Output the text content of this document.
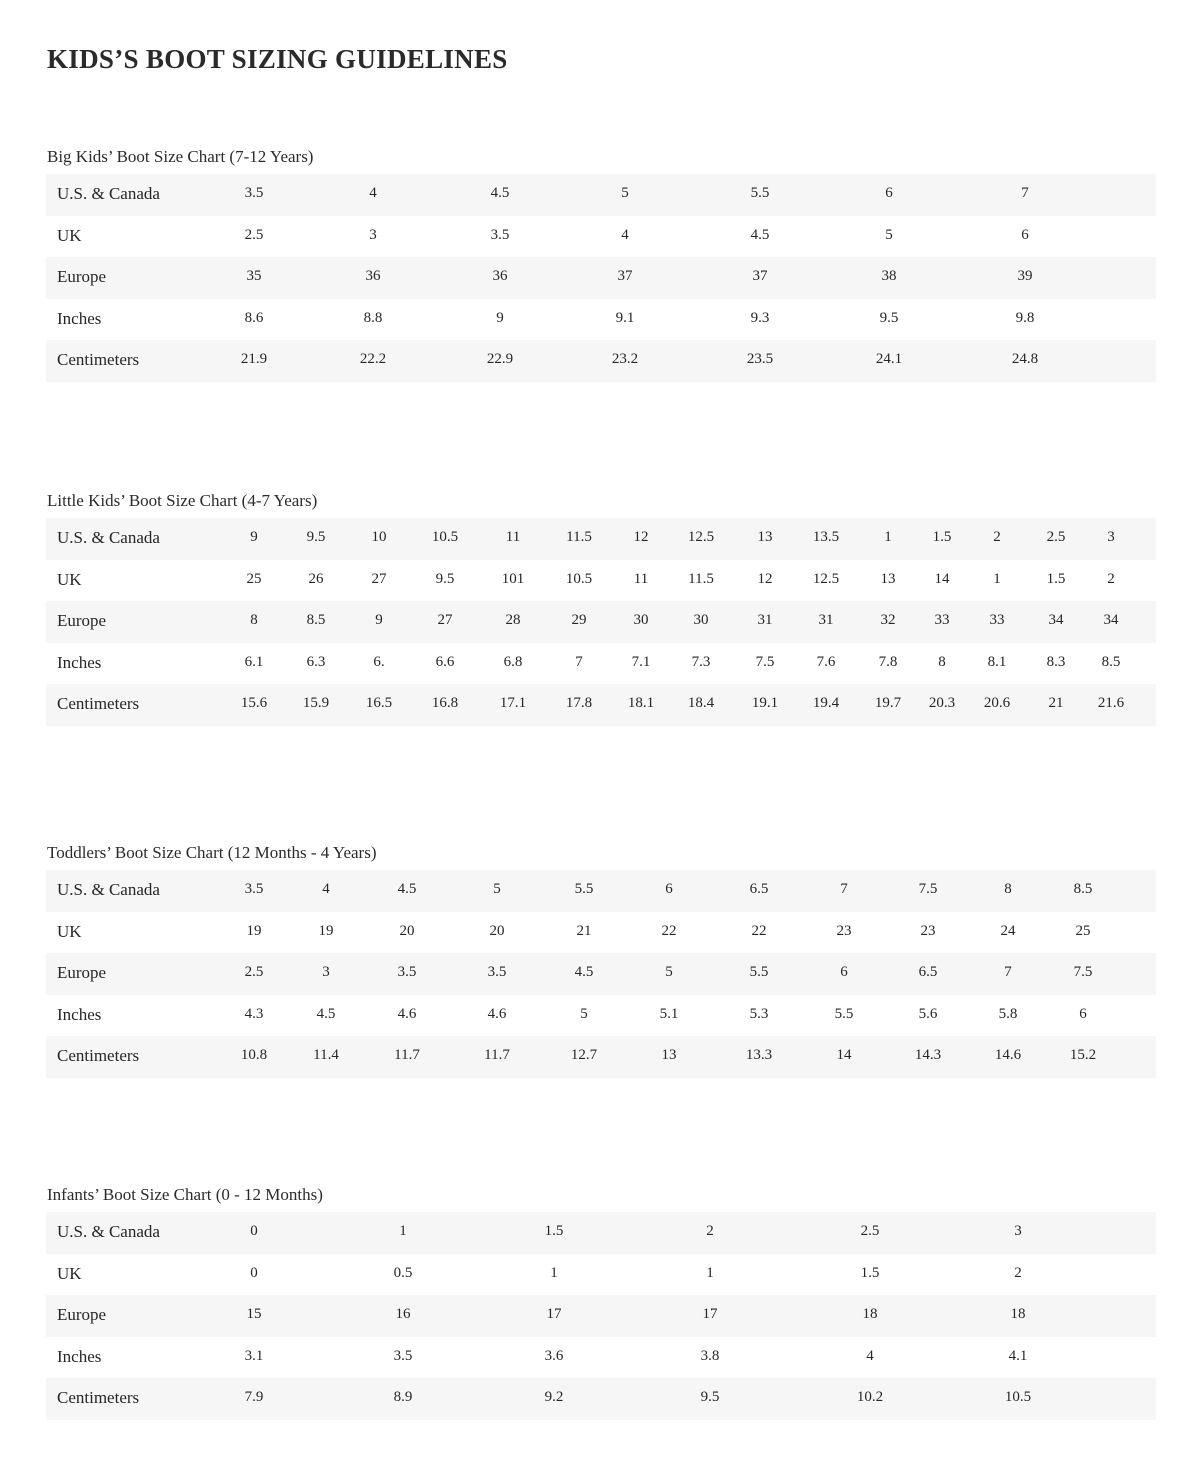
KIDS’S BOOT SIZING GUIDELINES
Big Kids’ Boot Size Chart (7-12 Years)
U.S. & Canada	3.5	4	4.5	5	5.5	6	7
UK	2.5	3	3.5	4	4.5	5	6
Europe	35	36	36	37	37	38	39
Inches	8.6	8.8	9	9.1	9.3	9.5	9.8
Centimeters	21.9	22.2	22.9	23.2	23.5	24.1	24.8
Little Kids’ Boot Size Chart (4-7 Years)
U.S. & Canada	9	9.5	10	10.5	11	11.5	12	12.5	13	13.5	1	1.5	2	2.5	3
UK	25	26	27	9.5	101	10.5	11	11.5	12	12.5	13	14	1	1.5	2
Europe	8	8.5	9	27	28	29	30	30	31	31	32	33	33	34	34
Inches	6.1	6.3	6.	6.6	6.8	7	7.1	7.3	7.5	7.6	7.8	8	8.1	8.3	8.5
Centimeters	15.6	15.9	16.5	16.8	17.1	17.8	18.1	18.4	19.1	19.4	19.7	20.3	20.6	21	21.6
Toddlers’ Boot Size Chart (12 Months - 4 Years)
U.S. & Canada	3.5	4	4.5	5	5.5	6	6.5	7	7.5	8	8.5
UK	19	19	20	20	21	22	22	23	23	24	25
Europe	2.5	3	3.5	3.5	4.5	5	5.5	6	6.5	7	7.5
Inches	4.3	4.5	4.6	4.6	5	5.1	5.3	5.5	5.6	5.8	6
Centimeters	10.8	11.4	11.7	11.7	12.7	13	13.3	14	14.3	14.6	15.2
Infants’ Boot Size Chart (0 - 12 Months)
U.S. & Canada	0	1	1.5	2	2.5	3
UK	0	0.5	1	1	1.5	2
Europe	15	16	17	17	18	18
Inches	3.1	3.5	3.6	3.8	4	4.1
Centimeters	7.9	8.9	9.2	9.5	10.2	10.5
